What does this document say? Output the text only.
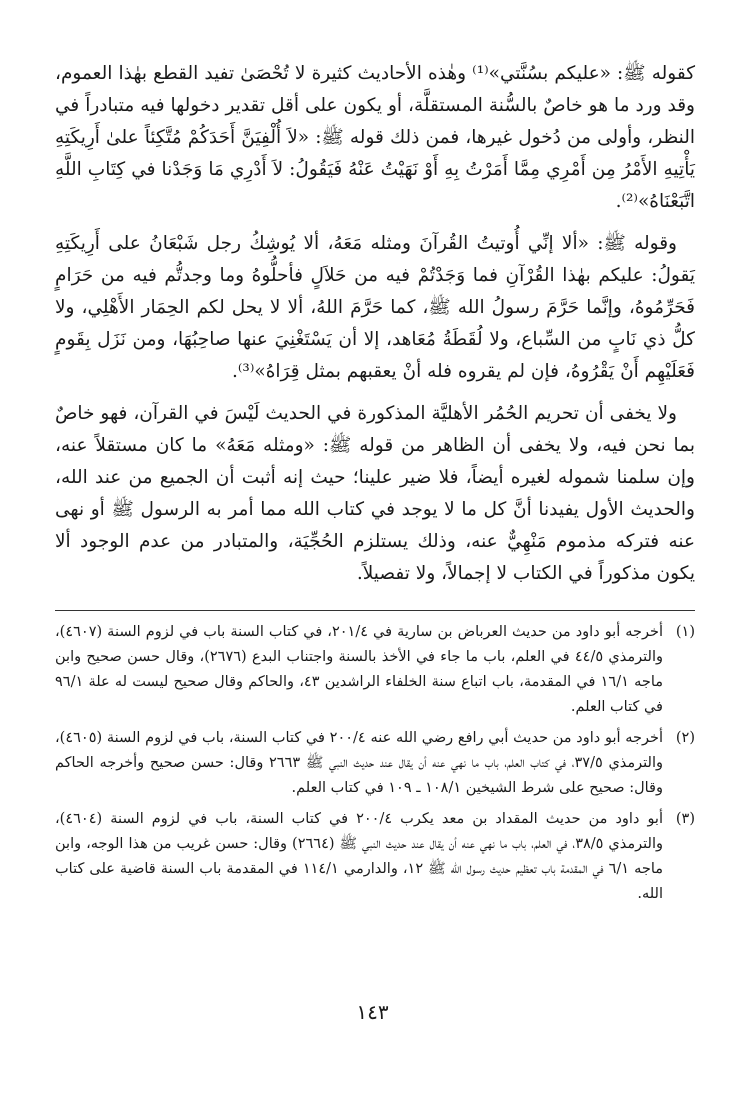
كقوله ﷺ: «عليكم بسُنَّتي»⁽¹⁾ وهٰذه الأحاديث كثيرة لا تُحْصَىٰ تفيد القطع بهٰذا العموم، وقد ورد ما هو خاصٌ بالسُّنة المستقلَّة، أو يكون على أقل تقدير دخولها فيه متبادراً في النظر، وأولى من دُخول غيرها، فمن ذلك قوله ﷺ: «لاَ أُلْفِيَنَّ أَحَدَكُمْ مُتَّكِئاً علىٰ أَرِيكَتِهِ يَأْتِيهِ الأَمْرُ مِن أَمْرِي مِمَّا أَمَرْتُ بِهِ أَوْ نَهَيْتُ عَنْهُ فَيَقُولُ: لاَ أَدْرِي مَا وَجَدْنا في كِتَابِ اللَّهِ اتَّبَعْنَاهُ»⁽²⁾.

وقوله ﷺ: «ألا إنِّي أُوتيتُ القُرآنَ ومثله مَعَهُ، ألا يُوشِكُ رجل شَبْعَانُ على أَرِيكَتِهِ يَقولُ: عليكم بهٰذا القُرْآنِ فما وَجَدْتُمْ فيه من حَلاَلٍ فأحلُّوهُ وما وجدتُّم فيه من حَرَامٍ فَحَرِّمُوهُ، وإنَّما حَرَّمَ رسولُ الله ﷺ، كما حَرَّمَ اللهُ، ألا لا يحل لكم الحِمَار الأَهْلِي، ولا كلُّ ذي نَابٍ من السِّباع، ولا لُقَطَةُ مُعَاهد، إلا أن يَسْتَغْنِيَ عنها صاحِبُهَا، ومن نَزَل بِقَومٍ فَعَلَيْهِم أَنْ يَقْرُوهُ، فإن لم يقروه فله أنْ يعقبهم بمثل قِرَاهُ»⁽³⁾.

ولا يخفى أن تحريم الحُمُر الأهليَّة المذكورة في الحديث لَيْسَ في القرآن، فهو خاصٌ بما نحن فيه، ولا يخفى أن الظاهر من قوله ﷺ: «ومثله مَعَهُ» ما كان مستقلاً عنه، وإن سلمنا شموله لغيره أيضاً، فلا ضير علينا؛ حيث إنه أثبت أن الجميع من عند الله، والحديث الأول يفيدنا أنَّ كل ما لا يوجد في كتاب الله مما أمر به الرسول ﷺ أو نهى عنه فتركه مذموم مَنْهِيٌّ عنه، وذلك يستلزم الحُجِّيَة، والمتبادر من عدم الوجود ألا يكون مذكوراً في الكتاب لا إجمالاً، ولا تفصيلاً.

(١)
أخرجه أبو داود من حديث العرباض بن سارية في ٢٠١/٤، في كتاب السنة باب في لزوم السنة (٤٦٠٧)، والترمذي ٤٤/٥ في العلم، باب ما جاء في الأخذ بالسنة واجتناب البدع (٢٦٧٦)، وقال حسن صحيح وابن ماجه ١٦/١ في المقدمة، باب اتباع سنة الخلفاء الراشدين ٤٣، والحاكم وقال صحيح ليست له علة ٩٦/١ في كتاب العلم.
(٢)
أخرجه أبو داود من حديث أبي رافع رضي الله عنه ٢٠٠/٤ في كتاب السنة، باب في لزوم السنة (٤٦٠٥)، والترمذي ٣٧/٥، في كتاب العلم، باب ما نهي عنه أن يقال عند حديث النبي ﷺ ٢٦٦٣ وقال: حسن صحيح وأخرجه الحاكم وقال: صحيح على شرط الشيخين ١٠٨/١ ـ ١٠٩ في كتاب العلم.
(٣)
أبو داود من حديث المقداد بن معد يكرب ٢٠٠/٤ في كتاب السنة، باب في لزوم السنة (٤٦٠٤)، والترمذي ٣٨/٥، في العلم، باب ما نهي عنه أن يقال عند حديث النبي ﷺ (٢٦٦٤) وقال: حسن غريب من هذا الوجه، وابن ماجه ٦/١ في المقدمة باب تعظيم حديث رسول الله ﷺ ١٢، والدارمي ١١٤/١ في المقدمة باب السنة قاضية على كتاب الله.
١٤٣
